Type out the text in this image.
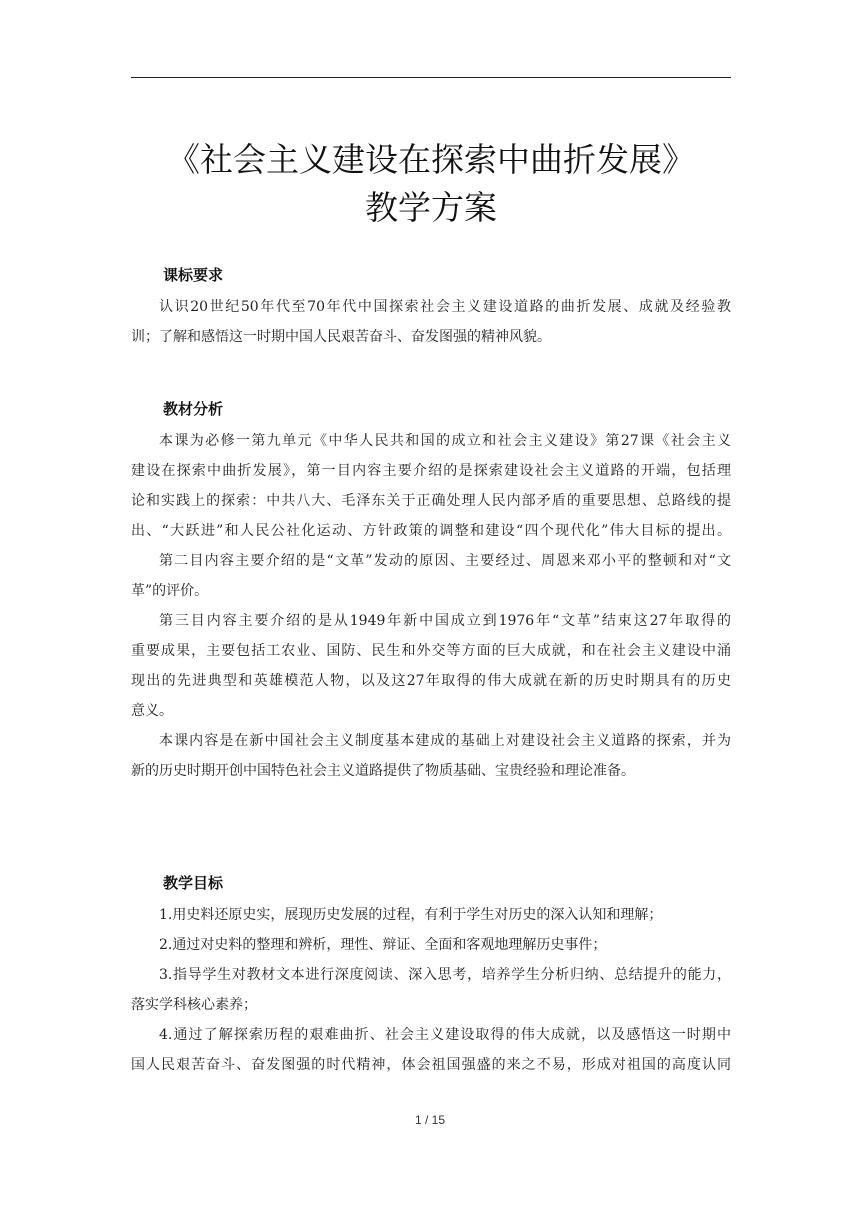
《社会主义建设在探索中曲折发展》
教学方案
课标要求

认识20世纪50年代至70年代中国探索社会主义建设道路的曲折发展、成就及经验教

训；了解和感悟这一时期中国人民艰苦奋斗、奋发图强的精神风貌。

教材分析

本课为必修一第九单元《中华人民共和国的成立和社会主义建设》第27课《社会主义

建设在探索中曲折发展》，第一目内容主要介绍的是探索建设社会主义道路的开端，包括理

论和实践上的探索：中共八大、毛泽东关于正确处理人民内部矛盾的重要思想、总路线的提

出、“大跃进”和人民公社化运动、方针政策的调整和建设“四个现代化”伟大目标的提出。

第二目内容主要介绍的是“文革”发动的原因、主要经过、周恩来邓小平的整顿和对“文

革”的评价。

第三目内容主要介绍的是从1949年新中国成立到1976年“文革”结束这27年取得的

重要成果，主要包括工农业、国防、民生和外交等方面的巨大成就，和在社会主义建设中涌

现出的先进典型和英雄模范人物，以及这27年取得的伟大成就在新的历史时期具有的历史

意义。

本课内容是在新中国社会主义制度基本建成的基础上对建设社会主义道路的探索，并为

新的历史时期开创中国特色社会主义道路提供了物质基础、宝贵经验和理论准备。

教学目标

1.用史料还原史实，展现历史发展的过程，有利于学生对历史的深入认知和理解；

2.通过对史料的整理和辨析，理性、辩证、全面和客观地理解历史事件；

3.指导学生对教材文本进行深度阅读、深入思考，培养学生分析归纳、总结提升的能力，

落实学科核心素养；

4.通过了解探索历程的艰难曲折、社会主义建设取得的伟大成就，以及感悟这一时期中

国人民艰苦奋斗、奋发图强的时代精神，体会祖国强盛的来之不易，形成对祖国的高度认同

1 / 15
